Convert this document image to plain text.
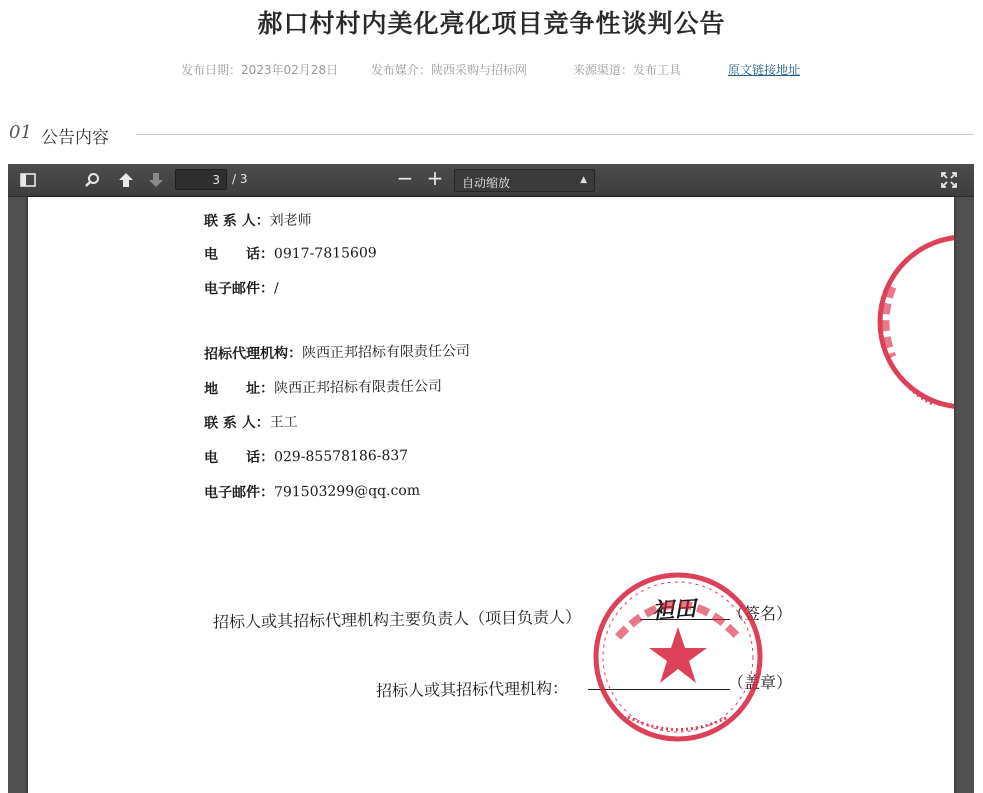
郝口村村内美化亮化项目竞争性谈判公告
发布日期：2023年02月28日	发布媒介：陕西采购与招标网	来源渠道：发布工具	原文链接地址
01 公告内容
3	/ 3	− + 自动缩放	▲

联 系 人：刘老师
电　　话：0917-7815609
电子邮件：/
招标代理机构：陕西正邦招标有限责任公司
地　　址：陕西正邦招标有限责任公司
联 系 人：王工
电　　话：029-85578186-837
电子邮件：791503299@qq.com
招标人或其招标代理机构主要负责人（项目负责人）	袒田 （签名）
招标人或其招标代理机构：	（盖章）
